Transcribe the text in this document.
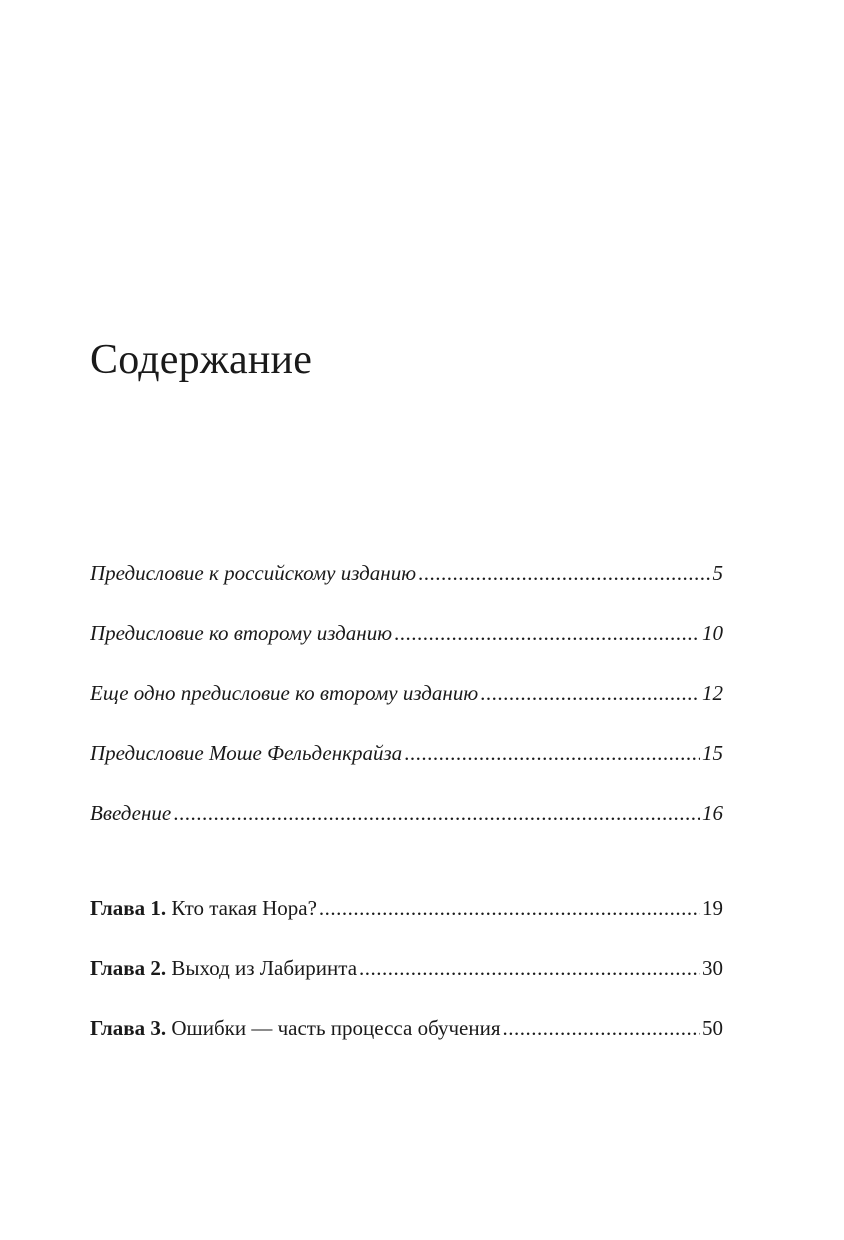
Содержание
Предисловие к российскому изданию .....	5
Предисловие ко второму изданию .....	10
Еще одно предисловие ко второму изданию .....	12
Предисловие Моше Фельденкрайза .....	15
Введение .....	16
Глава 1. Кто такая Нора? .....	19
Глава 2. Выход из Лабиринта .....	30
Глава 3. Ошибки — часть процесса обучения .....	50
